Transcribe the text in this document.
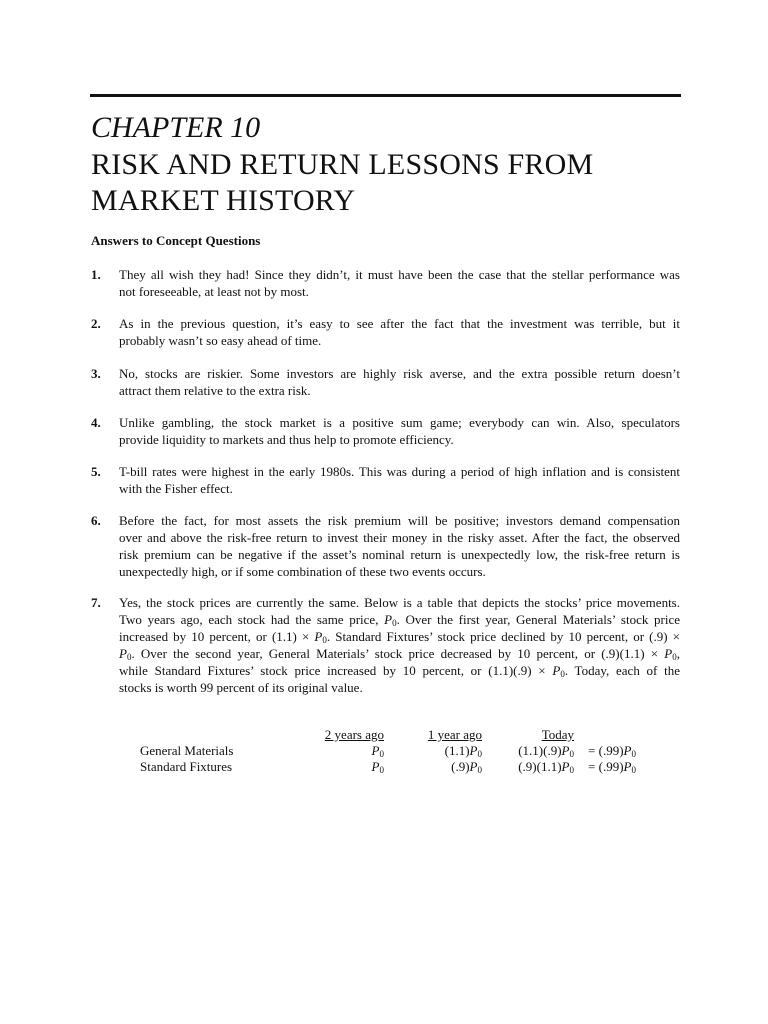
CHAPTER 10
RISK AND RETURN LESSONS FROM
MARKET HISTORY
Answers to Concept Questions
1. They all wish they had! Since they didn’t, it must have been the case that the stellar performance was
not foreseeable, at least not by most.
2. As in the previous question, it’s easy to see after the fact that the investment was terrible, but it
probably wasn’t so easy ahead of time.
3. No, stocks are riskier. Some investors are highly risk averse, and the extra possible return doesn’t
attract them relative to the extra risk.
4. Unlike gambling, the stock market is a positive sum game; everybody can win. Also, speculators
provide liquidity to markets and thus help to promote efficiency.
5. T-bill rates were highest in the early 1980s. This was during a period of high inflation and is consistent
with the Fisher effect.
6. Before the fact, for most assets the risk premium will be positive; investors demand compensation
over and above the risk-free return to invest their money in the risky asset. After the fact, the observed
risk premium can be negative if the asset’s nominal return is unexpectedly low, the risk-free return is
unexpectedly high, or if some combination of these two events occurs.
7. Yes, the stock prices are currently the same. Below is a table that depicts the stocks’ price movements.
Two years ago, each stock had the same price, $P_0$. Over the first year, General Materials’ stock price
increased by 10 percent, or $(1.1) \times P_0$. Standard Fixtures’ stock price declined by 10 percent, or (.9) ×
$P_0$. Over the second year, General Materials’ stock price decreased by 10 percent, or $(.9)(1.1) \times P_0$,
while Standard Fixtures’ stock price increased by 10 percent, or $(1.1)(.9) \times P_0$. Today, each of the
stocks is worth 99 percent of its original value.
	2 years ago	1 year ago	Today	
General Materials	$P_0$	$(1.1)P_0$	$(1.1)(.9)P_0$	= $(.99)P_0$
Standard Fixtures	$P_0$	$(.9)P_0$	$(.9)(1.1)P_0$	= $(.99)P_0$
